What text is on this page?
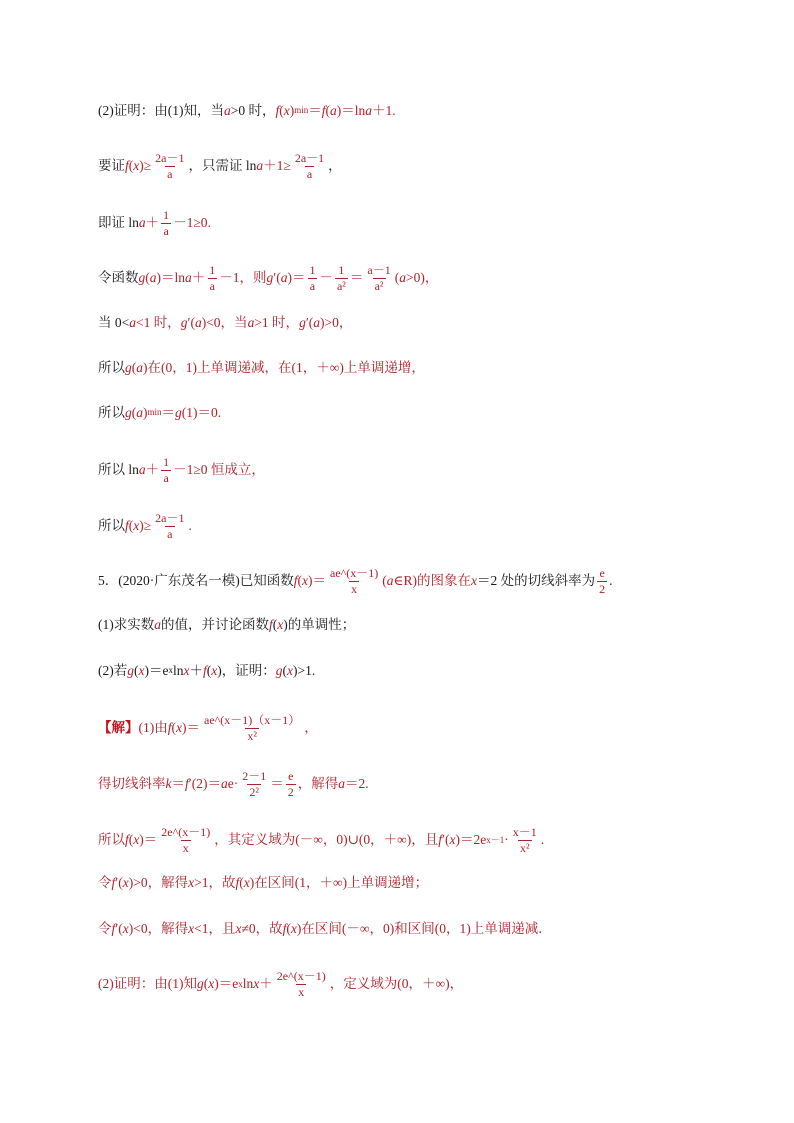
(2)证明：由(1)知，当 a >0 时， f ( x ) min ＝ f ( a )＝ln a ＋1.
要证 f ( x )≥ $\frac{2a-1}{a}$ ，只需证 $\ln a +1\ge \frac{2a-1}{a}$ ，
即证 $\ln a + \frac{1}{a} -1\ge 0$.
令函数 g ( a )＝ln $a + \frac{1}{a} -1$，则 g ′( a )＝ $\frac{1}{a} - \frac{1}{\text{a²}} = \frac{a-1}{\text{a²}}$ ( a >0)，
当 0< a <1 时， g ′( a )<0，当 a >1 时， g ′( a )>0，
所以 g ( a )在(0，1)上单调递减，在(1，＋∞)上单调递增，
所以 g ( a ) min ＝ g (1)＝0.
所以 $\ln a + \frac{1}{a} -1\ge 0$ 恒成立，
所以 f ( x )≥ $\frac{2a-1}{a}$ .
5．(2020·广东茂名一模)已知函数 f ( x )＝ $\frac{ae\^{}(x-1)}{x}$ ( a ∈R)的图象在 x ＝2 处的切线斜率为 $\frac{e}{2}$ .
(1)求实数 a 的值，并讨论函数 f ( x )的单调性；
(2)若 g ( x )＝e x ln x ＋ f ( x )，证明： g ( x )>1.
【解】 (1)由 f ( x )＝ $\frac{ae\^{}(x-1)(x-1)}{\text{x²}}$ ，
得切线斜率 k ＝ f ′(2)＝ a $e\cdot \frac{2-1}{\text{2²}} = \frac{e}{2}$ ，解得 a ＝2.
所以 f ( x )＝ $\frac{2e\^{}(x-1)}{x}$ ，其定义域为(－∞，0)∪(0，＋∞)，且 f ′( x )＝2e $x-1 \cdot \frac{x-1}{\text{x²}}$ .
令 f ′( x )>0，解得 x >1，故 f ( x )在区间(1，＋∞)上单调递增；
令 f ′( x )<0，解得 x <1，且 x ≠0，故 f ( x )在区间(－∞，0)和区间(0，1)上单调递减．
(2)证明：由(1)知 g ( x )＝e x $\ln x + \frac{2e\^{}(x-1)}{x}$ ，定义域为(0，＋∞)，
